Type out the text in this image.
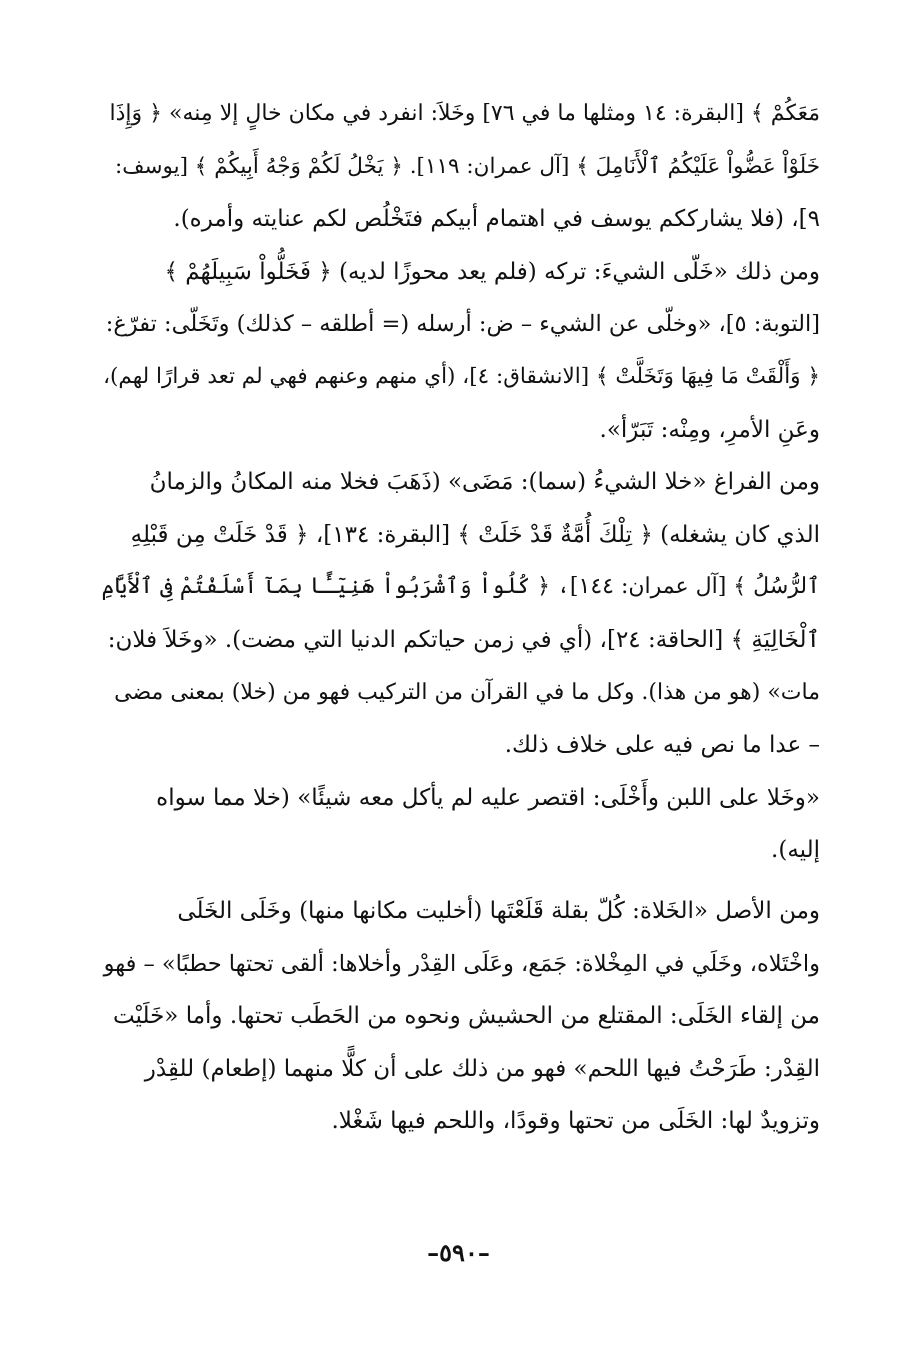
مَعَكُمْ ﴾ [البقرة: ١٤ ومثلها ما في ٧٦] وخَلاَ: انفرد في مكان خالٍ إلا مِنه» ﴿ وَإِذَا
خَلَوْاْ عَضُّواْ عَلَيْكُمُ ٱلْأَنَامِلَ ﴾ [آل عمران: ١١٩]. ﴿ يَخْلُ لَكُمْ وَجْهُ أَبِيكُمْ ﴾ [يوسف:
٩]، (فلا يشارككم يوسف في اهتمام أبيكم فتَخْلُص لكم عنايته وأمره).
ومن ذلك «خَلّى الشيءَ: تركه (فلم يعد محوزًا لديه) ﴿ فَخَلُّواْ سَبِيلَهُمْ ﴾
[التوبة: ٥]، «وخلّى عن الشيء – ض: أرسله (= أطلقه – كذلك) وتَخَلّى: تفرّغ:
﴿ وَأَلْقَتْ مَا فِيهَا وَتَخَلَّتْ ﴾ [الانشقاق: ٤]، (أي منهم وعنهم فهي لم تعد قرارًا لهم)،
وعَنِ الأمرِ، ومِنْه: تَبَرّأ».
ومن الفراغ «خلا الشيءُ (سما): مَضَى» (ذَهَبَ فخلا منه المكانُ والزمانُ
الذي كان يشغله) ﴿ تِلْكَ أُمَّةٌ قَدْ خَلَتْ ﴾ [البقرة: ١٣٤]، ﴿ قَدْ خَلَتْ مِن قَبْلِهِ
ٱلرُّسُلُ ﴾ [آل عمران: ١٤٤]، ﴿ كُلُواْ وَٱشْرَبُواْ هَنِيٓـًٔا بِمَآ أَسْلَفْتُمْ فِى ٱلْأَيَّامِ
ٱلْخَالِيَةِ ﴾ [الحاقة: ٢٤]، (أي في زمن حياتكم الدنيا التي مضت). «وخَلاَ فلان:
مات» (هو من هذا). وكل ما في القرآن من التركيب فهو من (خلا) بمعنى مضى
– عدا ما نص فيه على خلاف ذلك.
«وخَلا على اللبن وأَخْلَى: اقتصر عليه لم يأكل معه شيئًا» (خلا مما سواه
إليه).
ومن الأصل «الخَلاة: كُلّ بقلة قَلَعْتَها (أخليت مكانها منها) وخَلَى الخَلَى
واخْتَلاه، وخَلَي في المِخْلاة: جَمَع، وعَلَى القِدْر وأخلاها: ألقى تحتها حطبًا» – فهو
من إلقاء الخَلَى: المقتلع من الحشيش ونحوه من الحَطَب تحتها. وأما «خَلَيْت
القِدْر: طَرَحْتُ فيها اللحم» فهو من ذلك على أن كلًّا منهما (إطعام) للقِدْر
وتزويدٌ لها: الخَلَى من تحتها وقودًا، واللحم فيها شَغْلا.
–٥٩٠–
